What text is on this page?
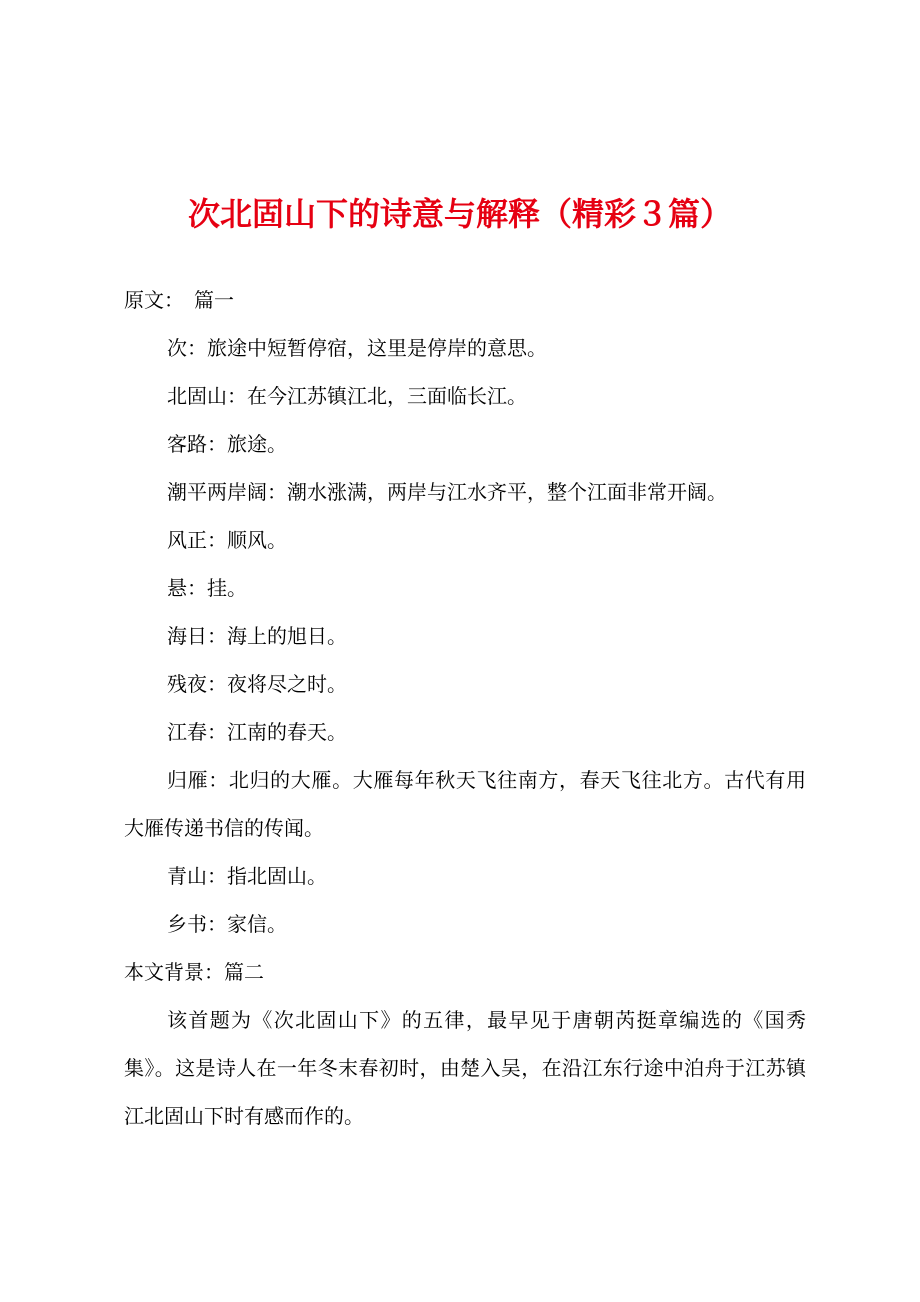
次北固山下的诗意与解释（精彩３篇）

原文：　篇一

次：旅途中短暂停宿，这里是停岸的意思。

北固山：在今江苏镇江北，三面临长江。

客路：旅途。

潮平两岸阔：潮水涨满，两岸与江水齐平，整个江面非常开阔。

风正：顺风。

悬：挂。

海日：海上的旭日。

残夜：夜将尽之时。

江春：江南的春天。

归雁：北归的大雁。大雁每年秋天飞往南方，春天飞往北方。古代有用大雁传递书信的传闻。

青山：指北固山。

乡书：家信。

本文背景：篇二

该首题为《次北固山下》的五律，最早见于唐朝芮挺章编选的《国秀集》。这是诗人在一年冬末春初时，由楚入吴，在沿江东行途中泊舟于江苏镇江北固山下时有感而作的。
